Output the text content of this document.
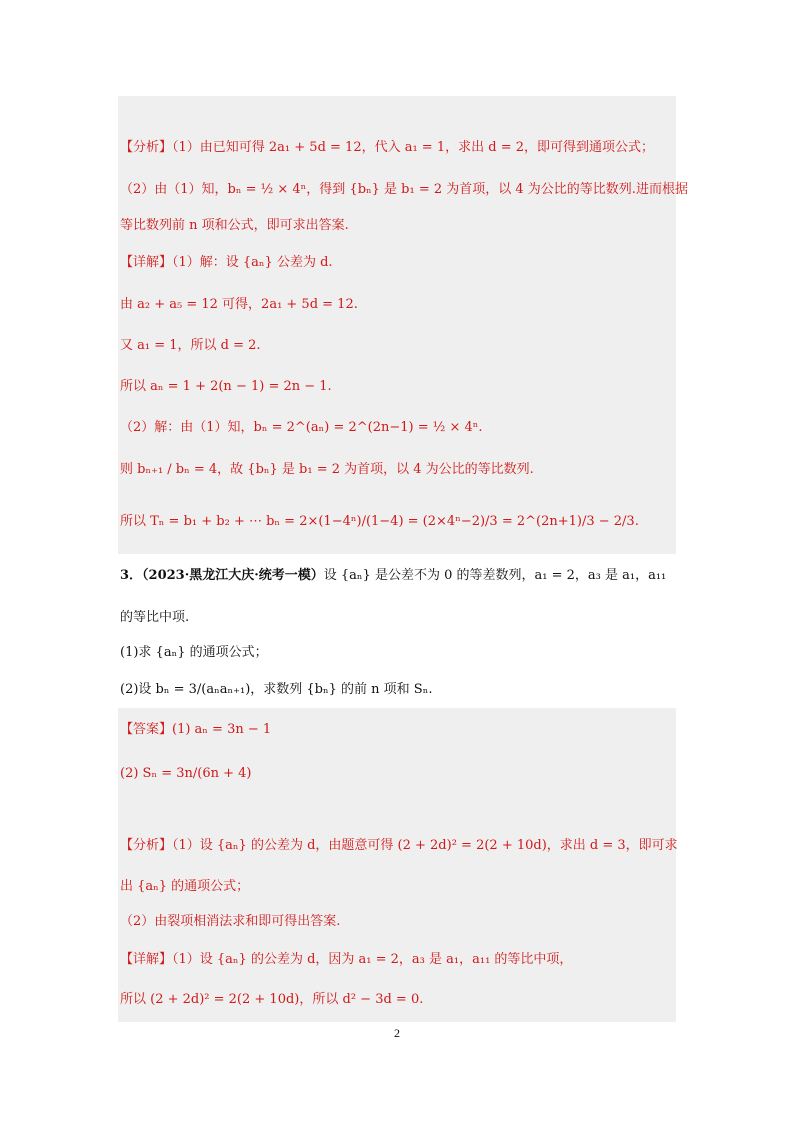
【分析】（1）由已知可得 2a₁ + 5d = 12，代入 a₁ = 1，求出 d = 2，即可得到通项公式；
（2）由（1）知，bₙ = ½ × 4ⁿ，得到 {bₙ} 是 b₁ = 2 为首项，以 4 为公比的等比数列.进而根据
等比数列前 n 项和公式，即可求出答案.
【详解】（1）解：设 {aₙ} 公差为 d.
由 a₂ + a₅ = 12 可得，2a₁ + 5d = 12.
又 a₁ = 1，所以 d = 2.
所以 aₙ = 1 + 2(n − 1) = 2n − 1.
（2）解：由（1）知，bₙ = 2^(aₙ) = 2^(2n−1) = ½ × 4ⁿ.
则 bₙ₊₁ / bₙ = 4，故 {bₙ} 是 b₁ = 2 为首项，以 4 为公比的等比数列.
所以 Tₙ = b₁ + b₂ + ⋯ bₙ = 2×(1−4ⁿ)/(1−4) = (2×4ⁿ−2)/3 = 2^(2n+1)/3 − 2/3.
3．（2023·黑龙江大庆·统考一模）设 {aₙ} 是公差不为 0 的等差数列，a₁ = 2，a₃ 是 a₁，a₁₁
的等比中项.
(1)求 {aₙ} 的通项公式；
(2)设 bₙ = 3/(aₙaₙ₊₁)，求数列 {bₙ} 的前 n 项和 Sₙ.
【答案】(1) aₙ = 3n − 1
(2) Sₙ = 3n/(6n + 4)
【分析】（1）设 {aₙ} 的公差为 d，由题意可得 (2 + 2d)² = 2(2 + 10d)，求出 d = 3，即可求
出 {aₙ} 的通项公式；
（2）由裂项相消法求和即可得出答案.
【详解】（1）设 {aₙ} 的公差为 d，因为 a₁ = 2，a₃ 是 a₁，a₁₁ 的等比中项，
所以 (2 + 2d)² = 2(2 + 10d)，所以 d² − 3d = 0.
2
